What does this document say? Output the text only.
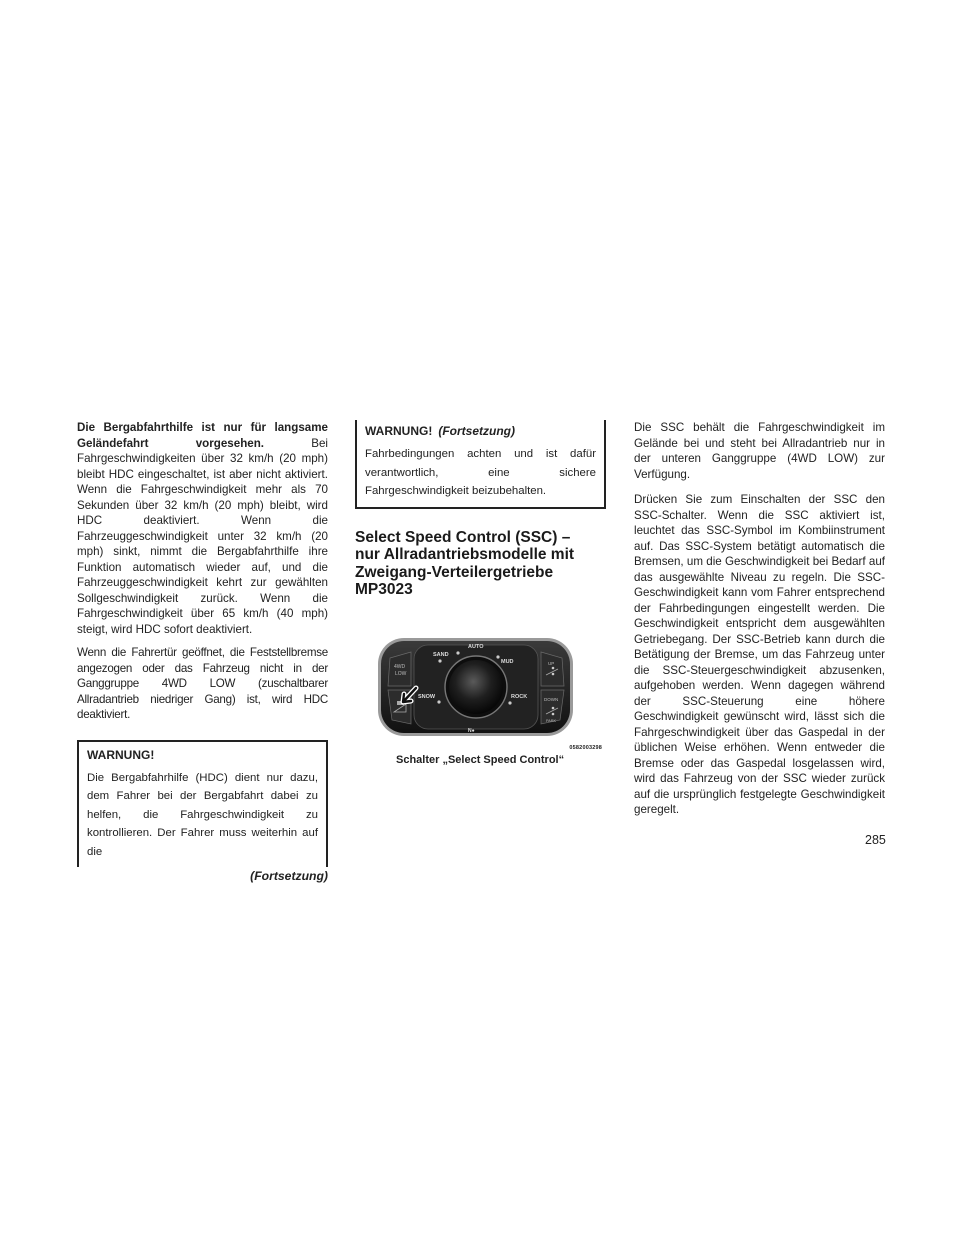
Die Bergabfahrthilfe ist nur für langsame Geländefahrt vorgesehen. Bei Fahrgeschwindigkeiten über 32 km/h (20 mph) bleibt HDC eingeschaltet, ist aber nicht aktiviert. Wenn die Fahrgeschwindigkeit mehr als 70 Sekunden über 32 km/h (20 mph) bleibt, wird HDC deaktiviert. Wenn die Fahrzeuggeschwindigkeit unter 32 km/h (20 mph) sinkt, nimmt die Bergabfahrthilfe ihre Funktion automatisch wieder auf, und die Fahrzeuggeschwindigkeit kehrt zur gewählten Sollgeschwindigkeit zurück. Wenn die Fahrgeschwindigkeit über 65 km/h (40 mph) steigt, wird HDC sofort deaktiviert.

Wenn die Fahrertür geöffnet, die Feststellbremse angezogen oder das Fahrzeug nicht in der Ganggruppe 4WD LOW (zuschaltbarer Allradantrieb niedriger Gang) ist, wird HDC deaktiviert.

WARNUNG!

Die Bergabfahrhilfe (HDC) dient nur dazu, dem Fahrer bei der Bergabfahrt dabei zu helfen, die Fahrgeschwindigkeit zu kontrollieren. Der Fahrer muss weiterhin auf die

(Fortsetzung)
WARNUNG! (Fortsetzung)

Fahrbedingungen achten und ist dafür verantwortlich, eine sichere Fahrgeschwindigkeit beizubehalten.

Select Speed Control (SSC) –
nur Allradantriebsmodelle mit
Zweigang-Verteilergetriebe MP3023
AUTO
SAND
MUD
SNOW	ROCK
4WD
LOW
UP
DOWN
PARK
N●
0582003298
Schalter „Select Speed Control“

Die SSC behält die Fahrgeschwindigkeit im Gelände bei und steht bei Allradantrieb nur in der unteren Ganggruppe (4WD LOW) zur Verfügung.

Drücken Sie zum Einschalten der SSC den SSC-Schalter. Wenn die SSC aktiviert ist, leuchtet das SSC-Symbol im Kombiinstrument auf. Das SSC-System betätigt automatisch die Bremsen, um die Geschwindigkeit bei Bedarf auf das ausgewählte Niveau zu regeln. Die SSC-Geschwindigkeit kann vom Fahrer entsprechend der Fahrbedingungen eingestellt werden. Die Geschwindigkeit entspricht dem ausgewählten Getriebegang. Der SSC-Betrieb kann durch die Betätigung der Bremse, um das Fahrzeug unter die SSC-Steuergeschwindigkeit abzusenken, aufgehoben werden. Wenn dagegen während der SSC-Steuerung eine höhere Geschwindigkeit gewünscht wird, lässt sich die Fahrgeschwindigkeit über das Gaspedal in der üblichen Weise erhöhen. Wenn entweder die Bremse oder das Gaspedal losgelassen wird, wird das Fahrzeug von der SSC wieder zurück auf die ursprünglich festgelegte Geschwindigkeit geregelt.

285
